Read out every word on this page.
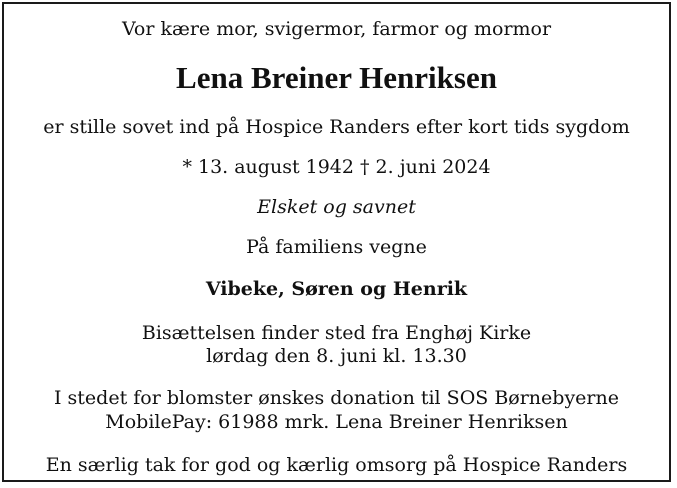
Vor kære mor, svigermor, farmor og mormor
Lena Breiner Henriksen
er stille sovet ind på Hospice Randers efter kort tids sygdom
* 13. august 1942 † 2. juni 2024
Elsket og savnet
På familiens vegne
Vibeke, Søren og Henrik
Bisættelsen finder sted fra Enghøj Kirke
lørdag den 8. juni kl. 13.30
I stedet for blomster ønskes donation til SOS Børnebyerne
MobilePay: 61988 mrk. Lena Breiner Henriksen
En særlig tak for god og kærlig omsorg på Hospice Randers
